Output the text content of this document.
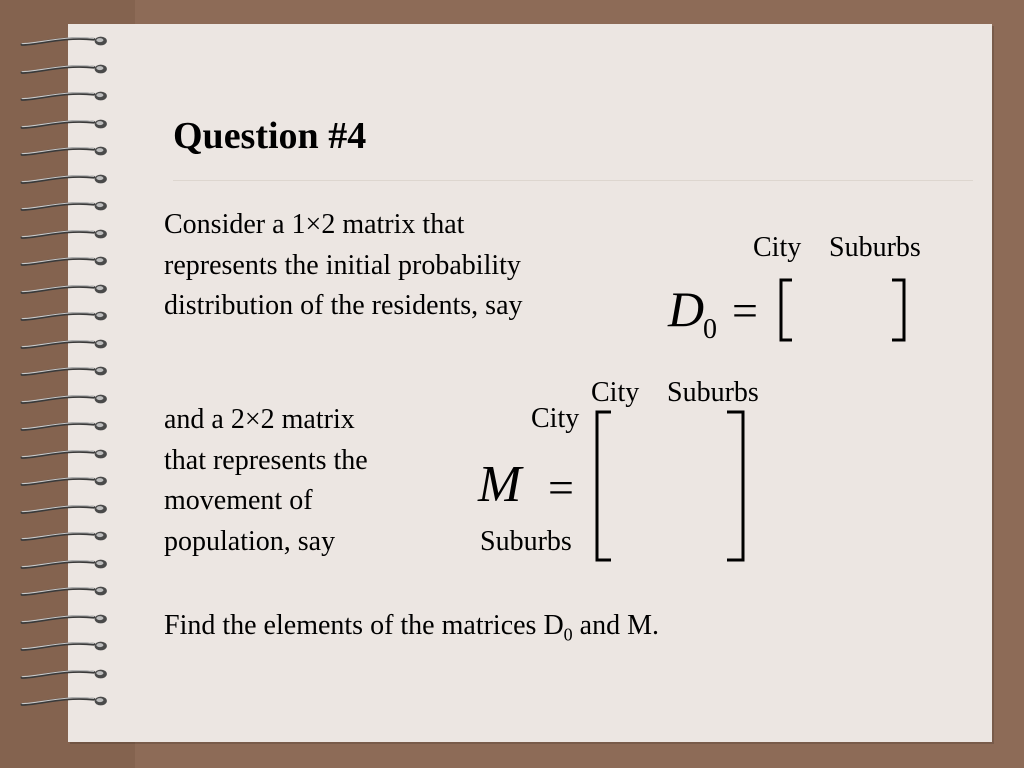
Question #4
Consider a 1×2 matrix that
represents the initial probability
distribution of the residents, say
City Suburbs
D
0 =
and a 2×2 matrix
that represents the
movement of
population, say
City Suburbs
City
Suburbs
M =
Find the elements of the matrices $D_0$ and M.
